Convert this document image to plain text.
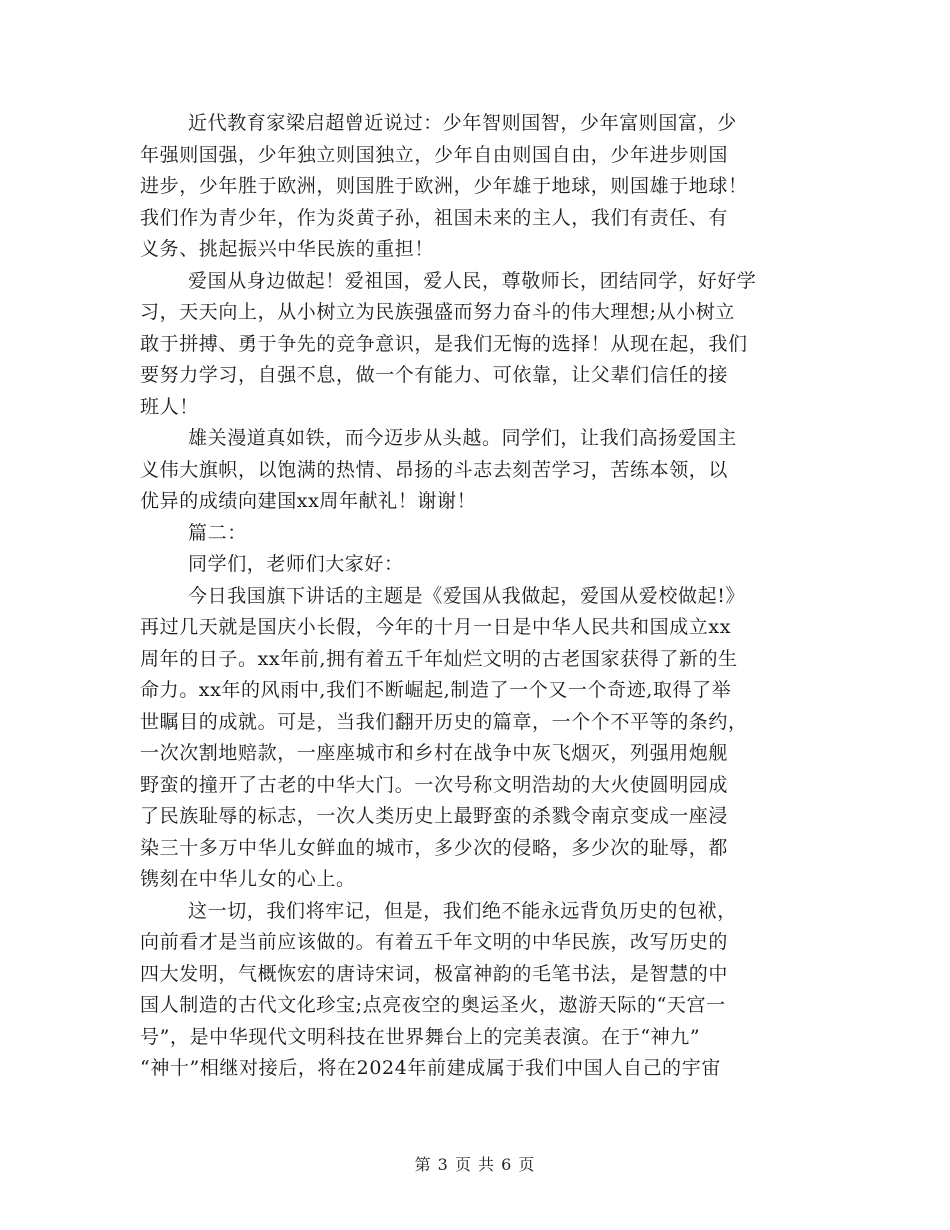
近代教育家梁启超曾近说过：少年智则国智，少年富则国富，少
年强则国强，少年独立则国独立，少年自由则国自由，少年进步则国
进步，少年胜于欧洲，则国胜于欧洲，少年雄于地球，则国雄于地球！
我们作为青少年，作为炎黄子孙，祖国未来的主人，我们有责任、有
义务、挑起振兴中华民族的重担！
爱国从身边做起！爱祖国，爱人民，尊敬师长，团结同学，好好学
习，天天向上，从小树立为民族强盛而努力奋斗的伟大理想;从小树立
敢于拼搏、勇于争先的竞争意识，是我们无悔的选择！从现在起，我们
要努力学习，自强不息，做一个有能力、可依靠，让父辈们信任的接
班人！
雄关漫道真如铁，而今迈步从头越。同学们，让我们高扬爱国主
义伟大旗帜，以饱满的热情、昂扬的斗志去刻苦学习，苦练本领，以
优异的成绩向建国xx周年献礼！谢谢！
篇二：
同学们，老师们大家好：
今日我国旗下讲话的主题是《爱国从我做起，爱国从爱校做起!》
再过几天就是国庆小长假，今年的十月一日是中华人民共和国成立xx
周年的日子。xx年前,拥有着五千年灿烂文明的古老国家获得了新的生
命力。xx年的风雨中,我们不断崛起,制造了一个又一个奇迹,取得了举
世瞩目的成就。可是，当我们翻开历史的篇章，一个个不平等的条约，
一次次割地赔款，一座座城市和乡村在战争中灰飞烟灭，列强用炮舰
野蛮的撞开了古老的中华大门。一次号称文明浩劫的大火使圆明园成
了民族耻辱的标志，一次人类历史上最野蛮的杀戮令南京变成一座浸
染三十多万中华儿女鲜血的城市，多少次的侵略，多少次的耻辱，都
镌刻在中华儿女的心上。
这一切，我们将牢记，但是，我们绝不能永远背负历史的包袱，
向前看才是当前应该做的。有着五千年文明的中华民族，改写历史的
四大发明，气概恢宏的唐诗宋词，极富神韵的毛笔书法，是智慧的中
国人制造的古代文化珍宝;点亮夜空的奥运圣火，遨游天际的“天宫一
号”，是中华现代文明科技在世界舞台上的完美表演。在于“神九”
“神十”相继对接后，将在2024年前建成属于我们中国人自己的宇宙
第 3 页 共 6 页
